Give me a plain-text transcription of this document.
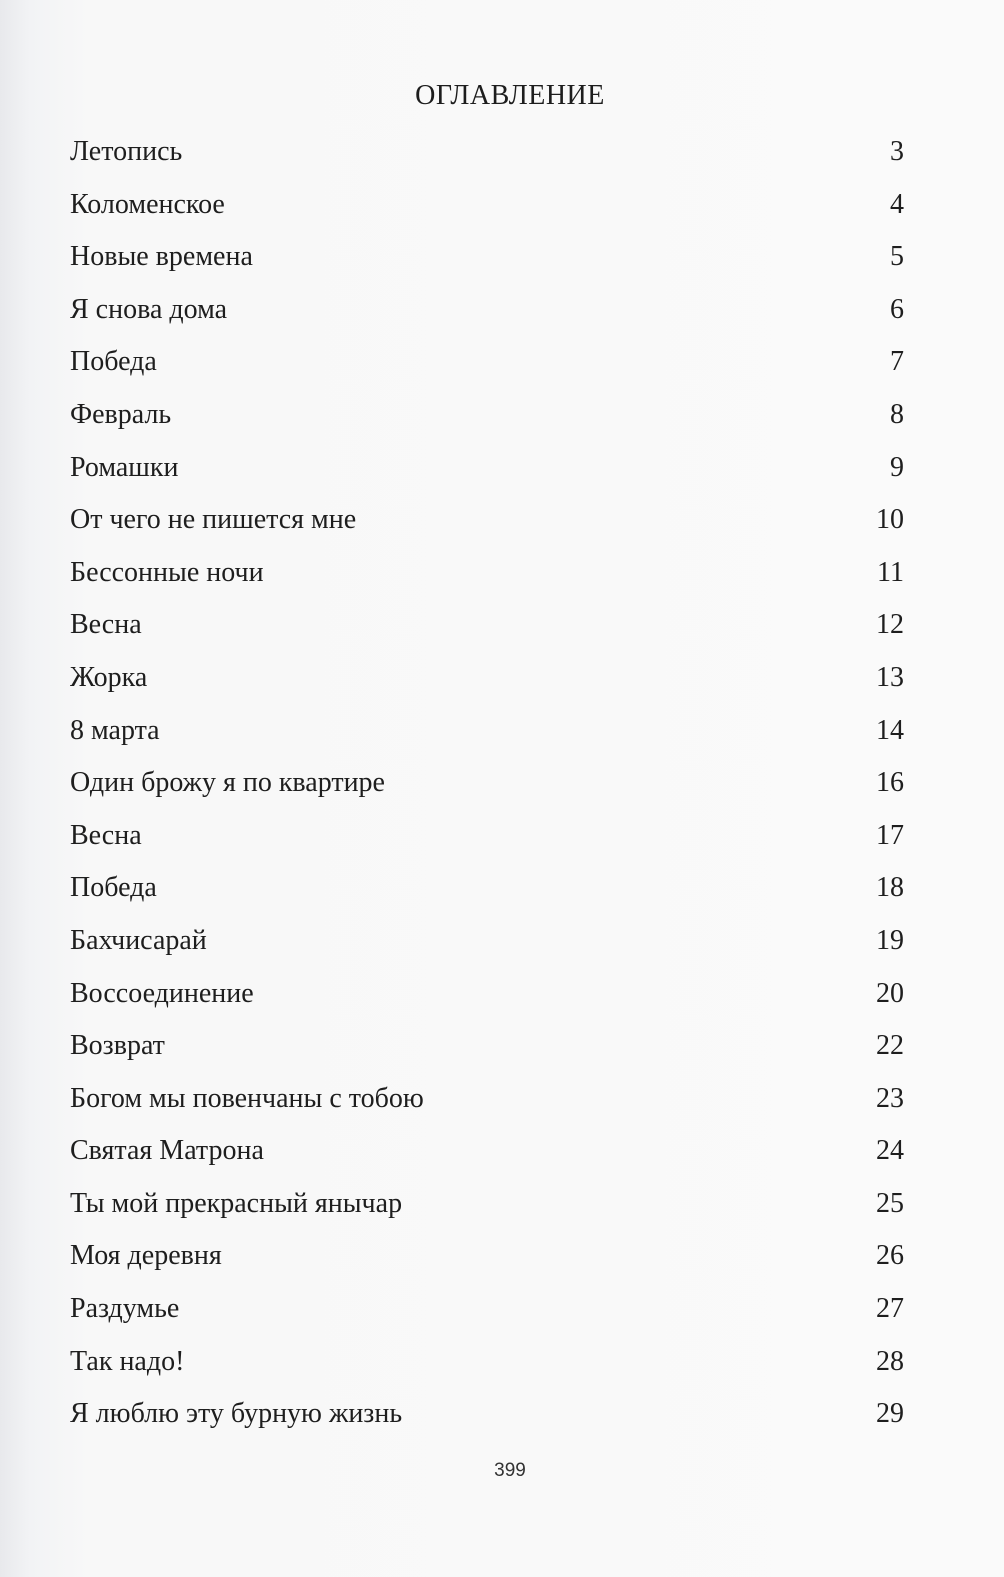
ОГЛАВЛЕНИЕ
Летопись	3
Коломенское	4
Новые времена	5
Я снова дома	6
Победа	7
Февраль	8
Ромашки	9
От чего не пишется мне	10
Бессонные ночи	11
Весна	12
Жорка	13
8 марта	14
Один брожу я по квартире	16
Весна	17
Победа	18
Бахчисарай	19
Воссоединение	20
Возврат	22
Богом мы повенчаны с тобою	23
Святая Матрона	24
Ты мой прекрасный янычар	25
Моя деревня	26
Раздумье	27
Так надо!	28
Я люблю эту бурную жизнь	29
399
